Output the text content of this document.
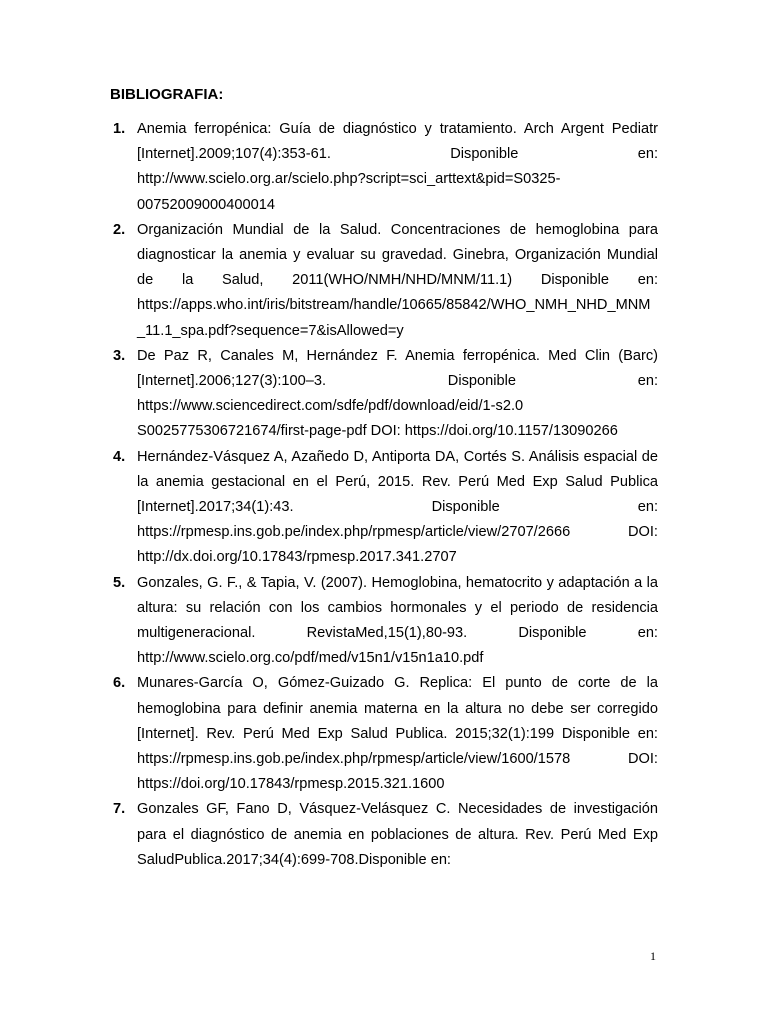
BIBLIOGRAFIA:
1. Anemia ferropénica: Guía de diagnóstico y tratamiento. Arch Argent Pediatr [Internet].2009;107(4):353-61. Disponible en: http://www.scielo.org.ar/scielo.php?script=sci_arttext&pid=S0325-00752009000400014
2. Organización Mundial de la Salud. Concentraciones de hemoglobina para diagnosticar la anemia y evaluar su gravedad. Ginebra, Organización Mundial de la Salud, 2011(WHO/NMH/NHD/MNM/11.1) Disponible en: https://apps.who.int/iris/bitstream/handle/10665/85842/WHO_NMH_NHD_MNM_11.1_spa.pdf?sequence=7&isAllowed=y
3. De Paz R, Canales M, Hernández F. Anemia ferropénica. Med Clin (Barc) [Internet].2006;127(3):100–3. Disponible en: https://www.sciencedirect.com/sdfe/pdf/download/eid/1-s2.0 S0025775306721674/first-page-pdf DOI: https://doi.org/10.1157/13090266
4. Hernández-Vásquez A, Azañedo D, Antiporta DA, Cortés S. Análisis espacial de la anemia gestacional en el Perú, 2015. Rev. Perú Med Exp Salud Publica [Internet].2017;34(1):43. Disponible en: https://rpmesp.ins.gob.pe/index.php/rpmesp/article/view/2707/2666 DOI: http://dx.doi.org/10.17843/rpmesp.2017.341.2707
5. Gonzales, G. F., & Tapia, V. (2007). Hemoglobina, hematocrito y adaptación a la altura: su relación con los cambios hormonales y el periodo de residencia multigeneracional. RevistaMed,15(1),80-93. Disponible en: http://www.scielo.org.co/pdf/med/v15n1/v15n1a10.pdf
6. Munares-García O, Gómez-Guizado G. Replica: El punto de corte de la hemoglobina para definir anemia materna en la altura no debe ser corregido [Internet]. Rev. Perú Med Exp Salud Publica. 2015;32(1):199 Disponible en: https://rpmesp.ins.gob.pe/index.php/rpmesp/article/view/1600/1578 DOI: https://doi.org/10.17843/rpmesp.2015.321.1600
7. Gonzales GF, Fano D, Vásquez-Velásquez C. Necesidades de investigación para el diagnóstico de anemia en poblaciones de altura. Rev. Perú Med Exp SaludPublica.2017;34(4):699-708.Disponible en:
1
